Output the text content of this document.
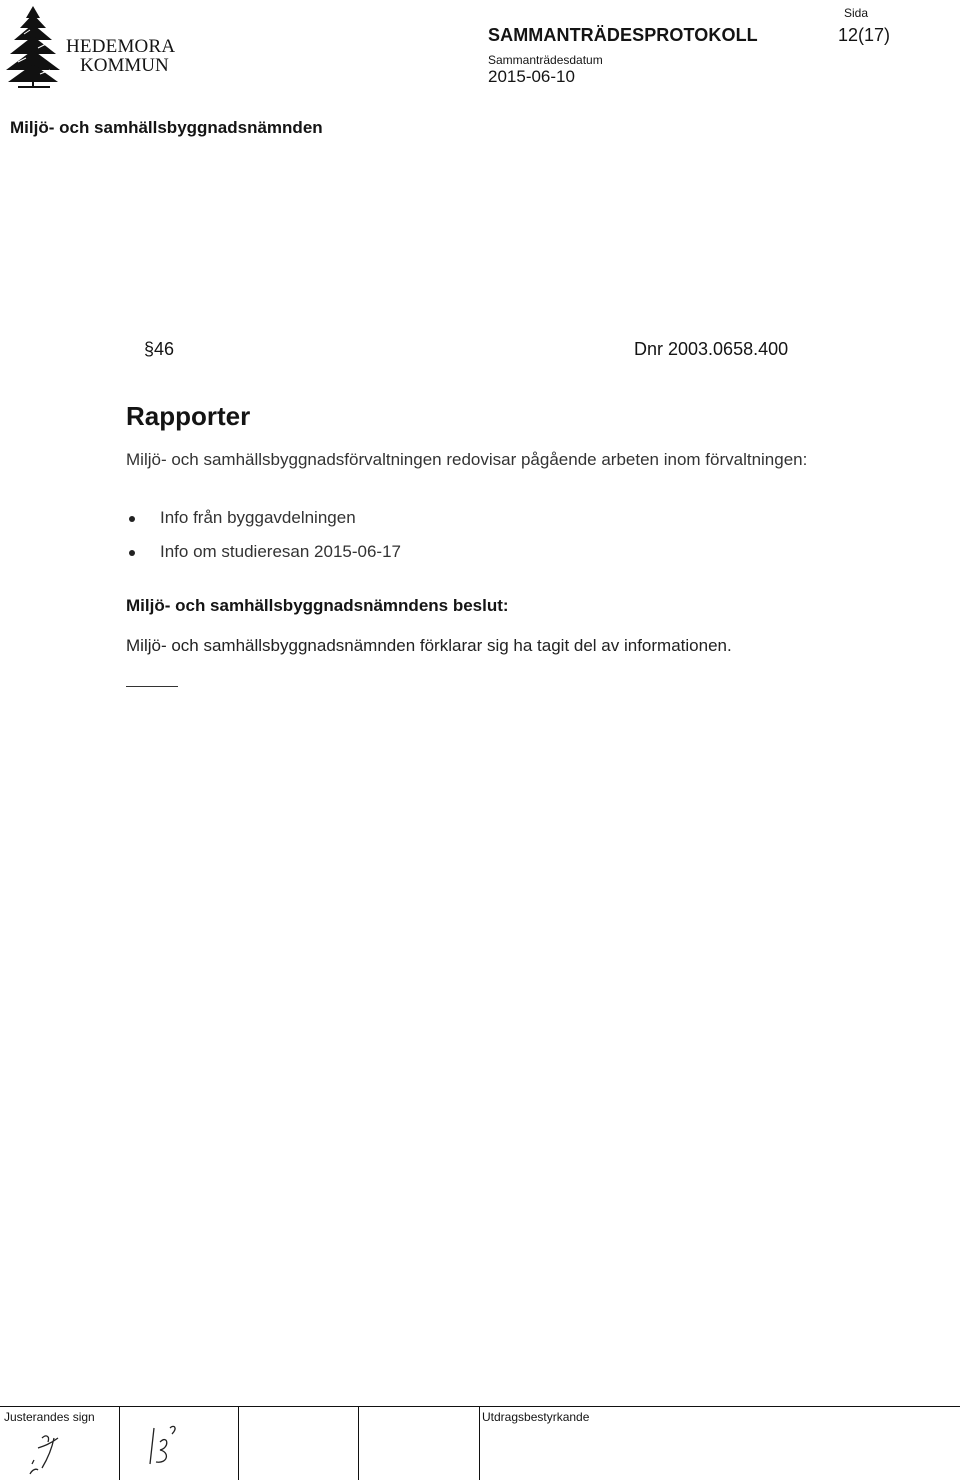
HEDEMORA
KOMMUN
SAMMANTRÄDESPROTOKOLL
Sammanträdesdatum
2015-06-10
Sida
12(17)
Miljö- och samhällsbyggnadsnämnden
§46	Dnr 2003.0658.400
Rapporter
Miljö- och samhällsbyggnadsförvaltningen redovisar pågående arbeten inom förvaltningen:
Info från byggavdelningen
Info om studieresan 2015-06-17
Miljö- och samhällsbyggnadsnämndens beslut:
Miljö- och samhällsbyggnadsnämnden förklarar sig ha tagit del av informationen.
Justerandes sign	Utdragsbestyrkande
